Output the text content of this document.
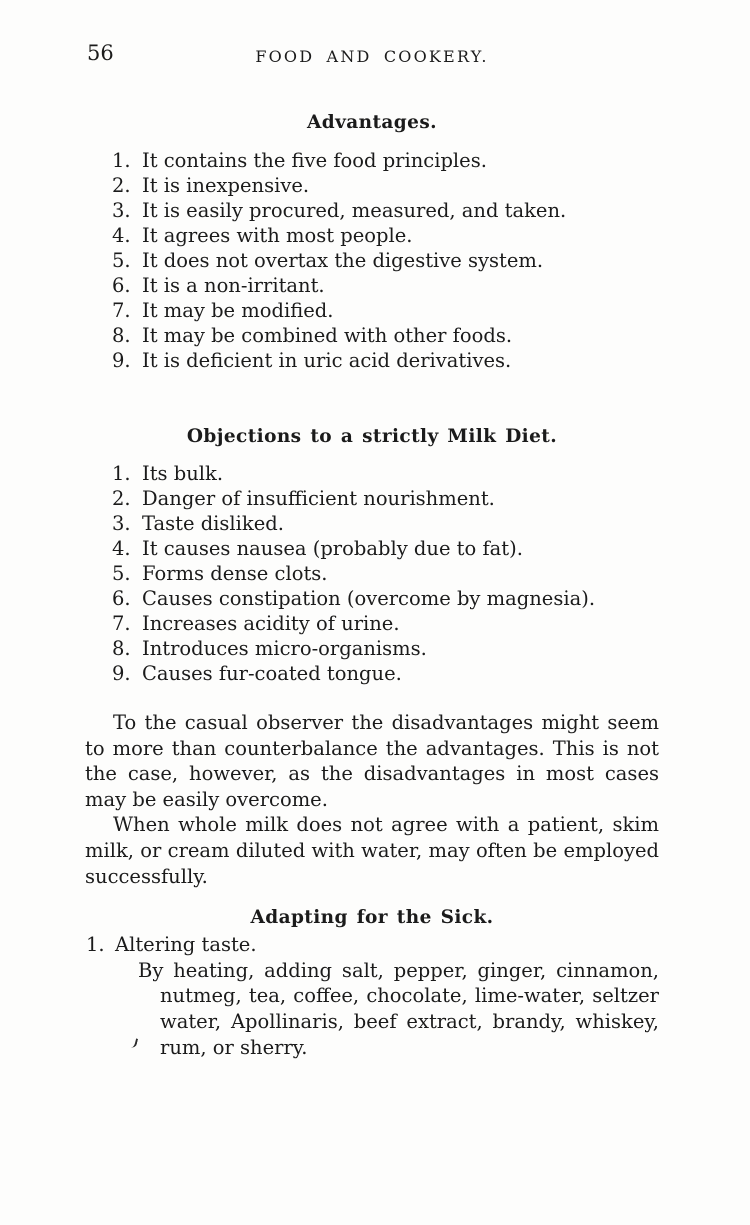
56	FOOD AND COOKERY.
Advantages.
1. It contains the five food principles.
2. It is inexpensive.
3. It is easily procured, measured, and taken.
4. It agrees with most people.
5. It does not overtax the digestive system.
6. It is a non-irritant.
7. It may be modified.
8. It may be combined with other foods.
9. It is deficient in uric acid derivatives.
Objections to a strictly Milk Diet.
1. Its bulk.
2. Danger of insufficient nourishment.
3. Taste disliked.
4. It causes nausea (probably due to fat).
5. Forms dense clots.
6. Causes constipation (overcome by magnesia).
7. Increases acidity of urine.
8. Introduces micro-organisms.
9. Causes fur-coated tongue.

To the casual observer the disadvantages might seem to more than counterbalance the advantages. This is not the case, however, as the disadvantages in most cases may be easily overcome.

When whole milk does not agree with a patient, skim milk, or cream diluted with water, may often be employed successfully.

Adapting for the Sick.
1. Altering taste.
By heating, adding salt, pepper, ginger, cinnamon, nutmeg, tea, coffee, chocolate, lime-water, seltzer water, Apollinaris, beef extract, brandy, whiskey, rum, or sherry.
